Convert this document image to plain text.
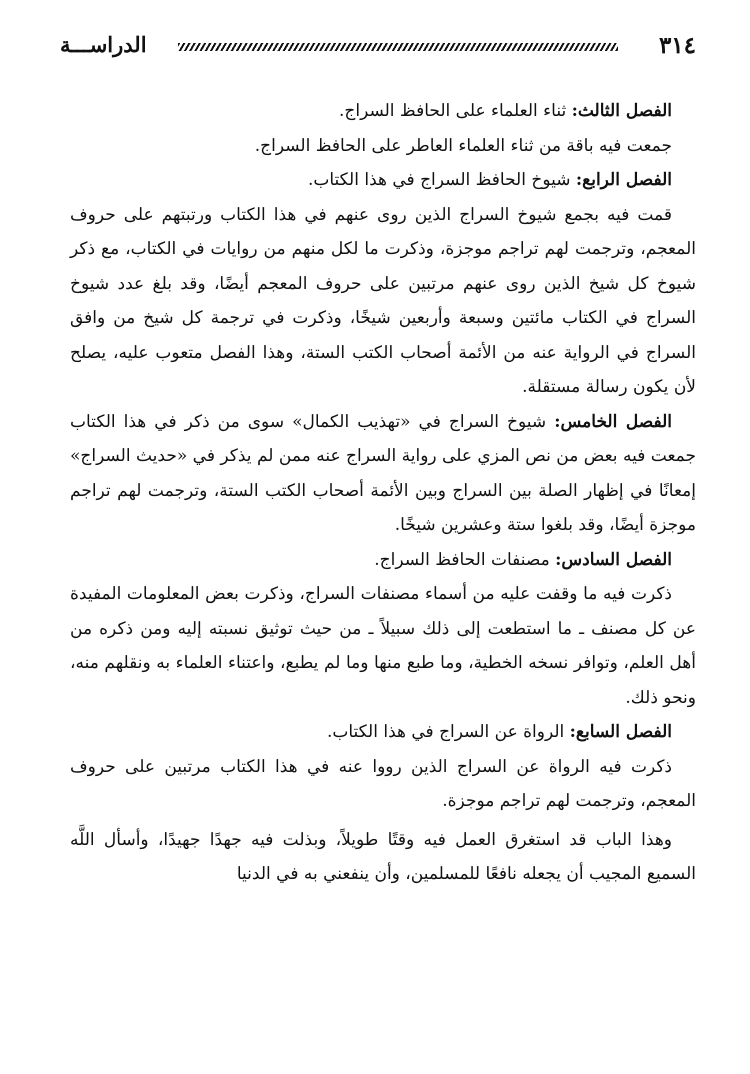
٣١٤
الدراســـة

الفصل الثالث: ثناء العلماء على الحافظ السراج.

جمعت فيه باقة من ثناء العلماء العاطر على الحافظ السراج.

الفصل الرابع: شيوخ الحافظ السراج في هذا الكتاب.

قمت فيه بجمع شيوخ السراج الذين روى عنهم في هذا الكتاب ورتبتهم على حروف المعجم، وترجمت لهم تراجم موجزة، وذكرت ما لكل منهم من روايات في الكتاب، مع ذكر شيوخ كل شيخ الذين روى عنهم مرتبين على حروف المعجم أيضًا، وقد بلغ عدد شيوخ السراج في الكتاب مائتين وسبعة وأربعين شيخًا، وذكرت في ترجمة كل شيخ من وافق السراج في الرواية عنه من الأئمة أصحاب الكتب الستة، وهذا الفصل متعوب عليه، يصلح لأن يكون رسالة مستقلة.

الفصل الخامس: شيوخ السراج في «تهذيب الكمال» سوى من ذكر في هذا الكتاب جمعت فيه بعض من نص المزي على رواية السراج عنه ممن لم يذكر في «حديث السراج» إمعانًا في إظهار الصلة بين السراج وبين الأئمة أصحاب الكتب الستة، وترجمت لهم تراجم موجزة أيضًا، وقد بلغوا ستة وعشرين شيخًا.

الفصل السادس: مصنفات الحافظ السراج.

ذكرت فيه ما وقفت عليه من أسماء مصنفات السراج، وذكرت بعض المعلومات المفيدة عن كل مصنف ـ ما استطعت إلى ذلك سبيلاً ـ من حيث توثيق نسبته إليه ومن ذكره من أهل العلم، وتوافر نسخه الخطية، وما طبع منها وما لم يطبع، واعتناء العلماء به ونقلهم منه، ونحو ذلك.

الفصل السابع: الرواة عن السراج في هذا الكتاب.

ذكرت فيه الرواة عن السراج الذين رووا عنه في هذا الكتاب مرتبين على حروف المعجم، وترجمت لهم تراجم موجزة.

وهذا الباب قد استغرق العمل فيه وقتًا طويلاً، وبذلت فيه جهدًا جهيدًا، وأسأل اللَّه السميع المجيب أن يجعله نافعًا للمسلمين، وأن ينفعني به في الدنيا
